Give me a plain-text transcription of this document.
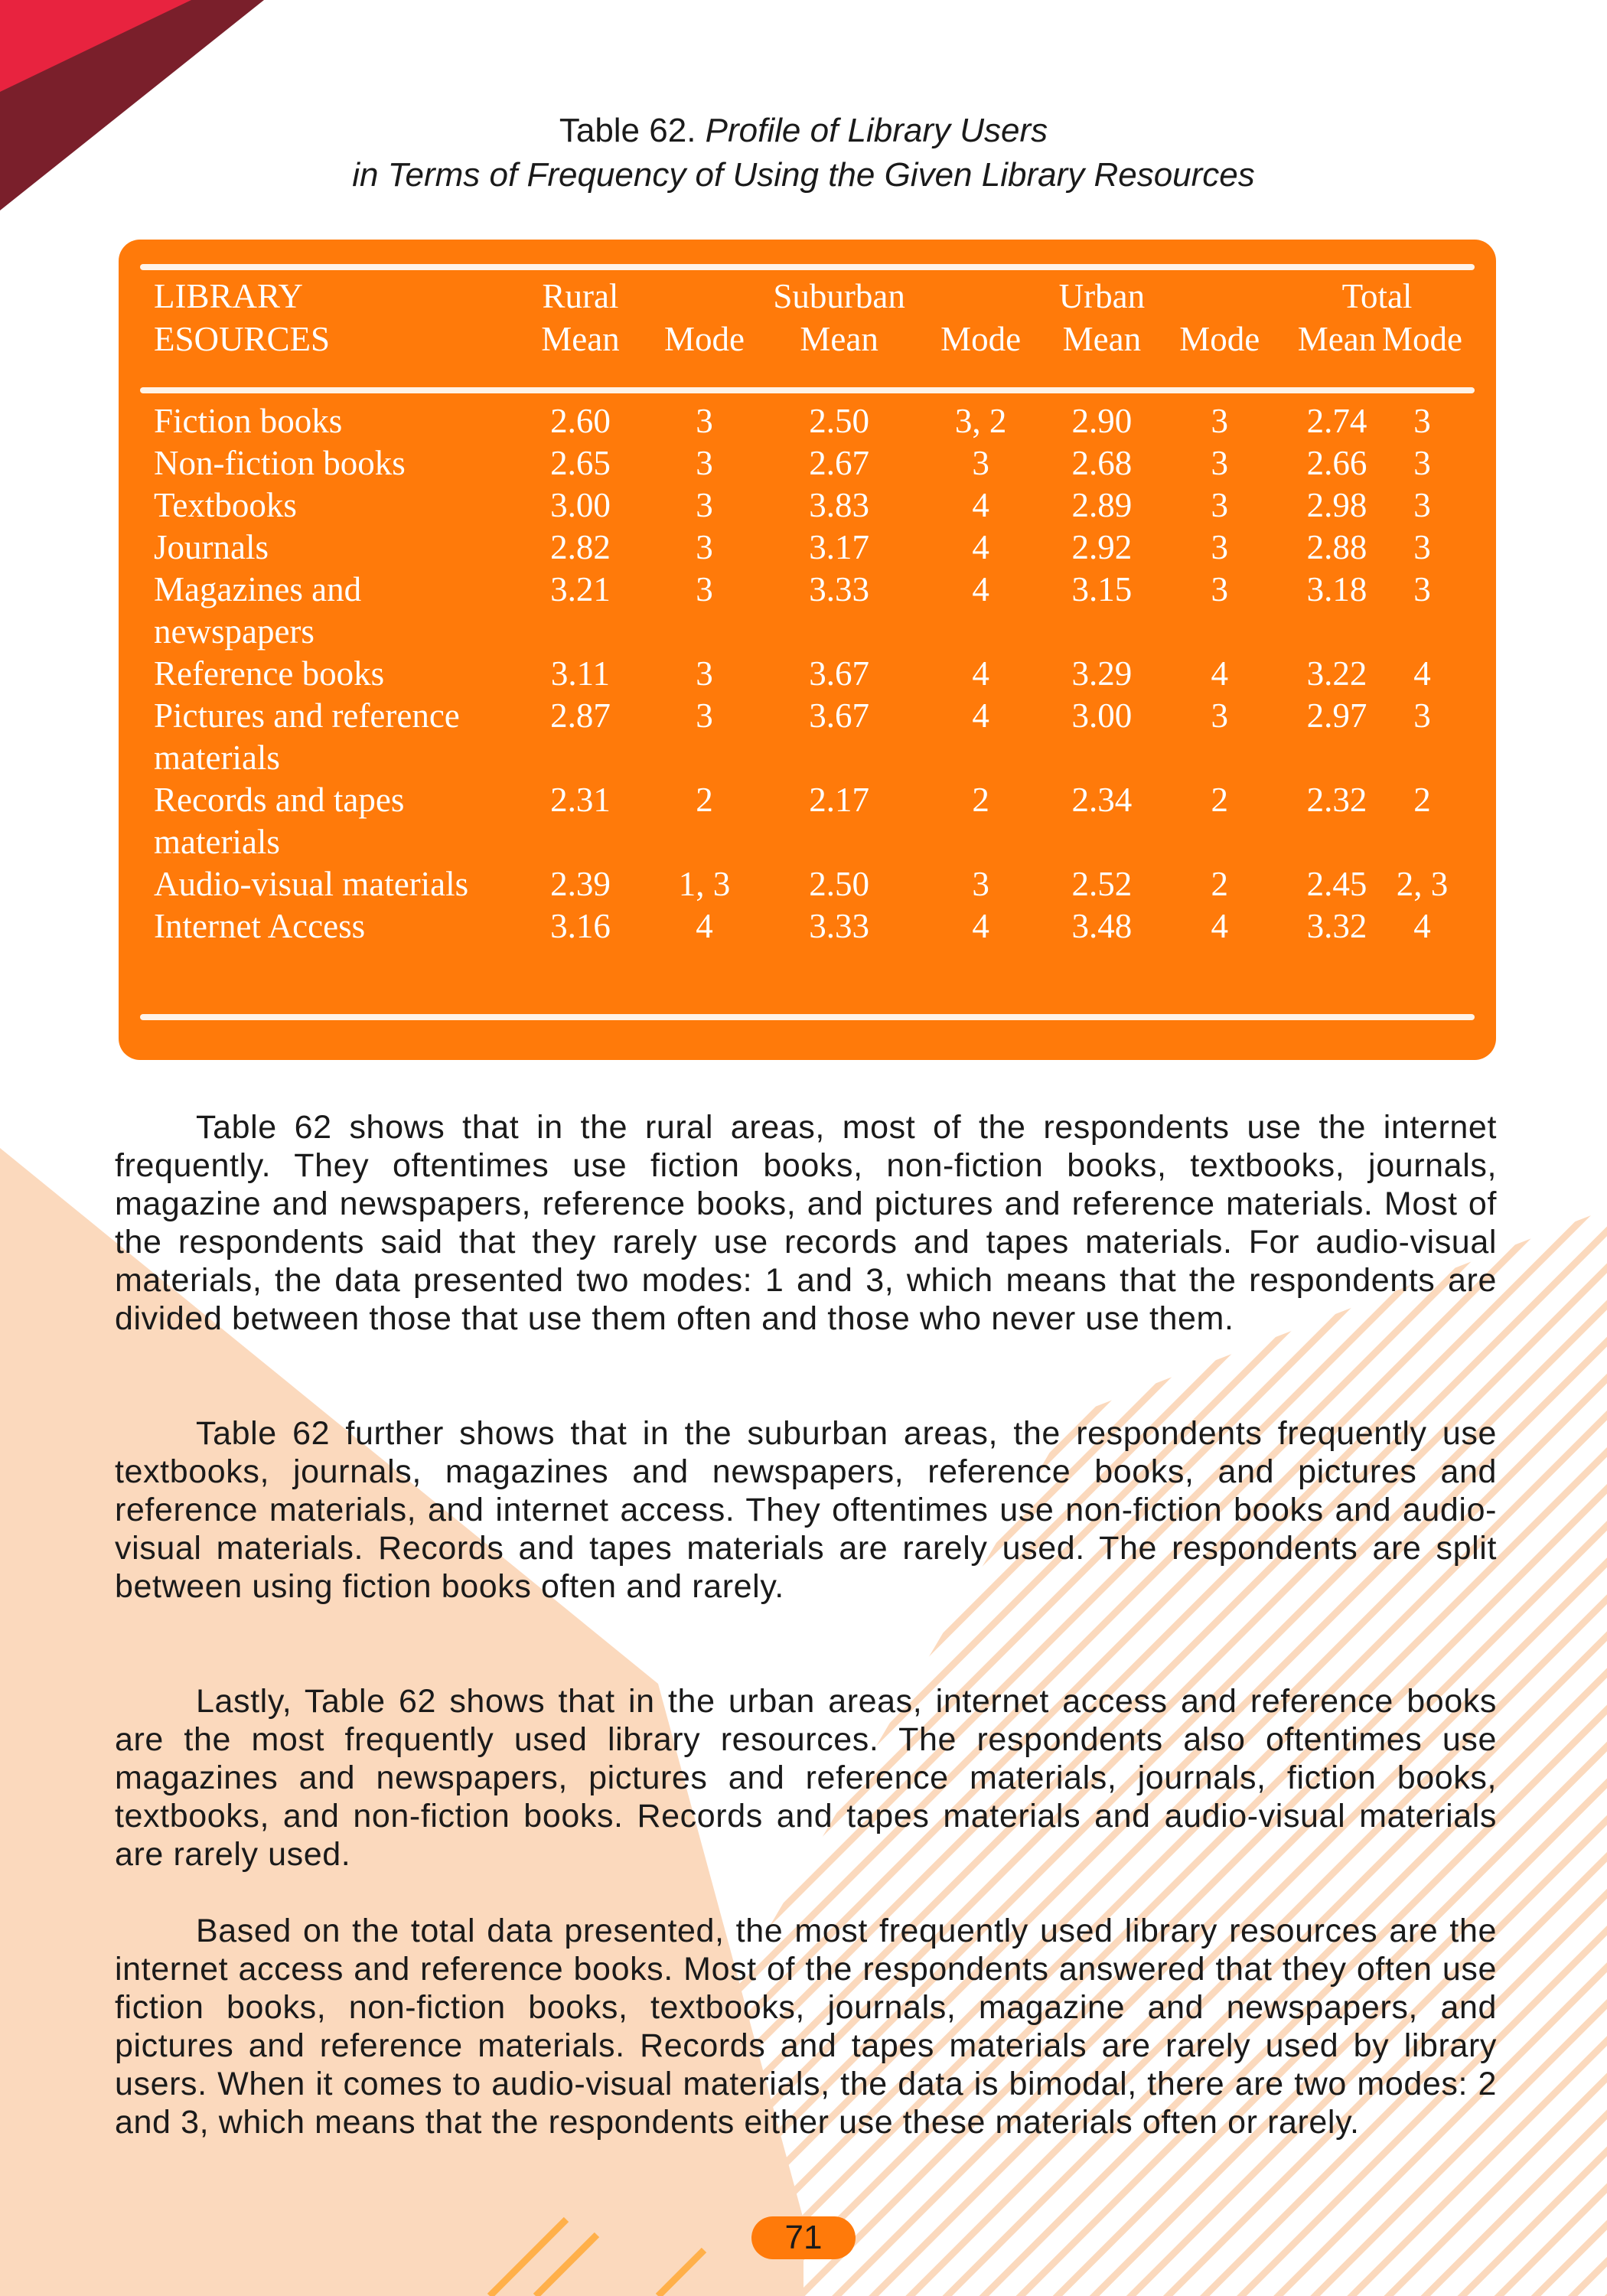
Table 62. Profile of Library Users
in Terms of Frequency of Using the Given Library Resources
LIBRARY	Rural		Suburban		Urban		Total	
ESOURCES	Mean	Mode	Mean	Mode	Mean	Mode	Mean	Mode
Fiction books	2.60	3	2.50	3, 2	2.90	3	2.74	3
Non-fiction books	2.65	3	2.67	3	2.68	3	2.66	3
Textbooks	3.00	3	3.83	4	2.89	3	2.98	3
Journals	2.82	3	3.17	4	2.92	3	2.88	3
Magazines and newspapers	3.21	3	3.33	4	3.15	3	3.18	3
Reference books	3.11	3	3.67	4	3.29	4	3.22	4
Pictures and reference materials	2.87	3	3.67	4	3.00	3	2.97	3
Records and tapes materials	2.31	2	2.17	2	2.34	2	2.32	2
Audio-visual materials	2.39	1, 3	2.50	3	2.52	2	2.45	2, 3
Internet Access	3.16	4	3.33	4	3.48	4	3.32	4
Table 62 shows that in the rural areas, most of the respondents use the internet frequently. They oftentimes use fiction books, non-fiction books, textbooks, journals, magazine and newspapers, reference books, and pictures and reference materials. Most of the respondents said that they rarely use records and tapes materials. For audio-visual materials, the data presented two modes: 1 and 3, which means that the respondents are divided between those that use them often and those who never use them.
Table 62 further shows that in the suburban areas, the respondents frequently use textbooks, journals, magazines and newspapers, reference books, and pictures and reference materials, and internet access. They oftentimes use non-fiction books and audio-visual materials. Records and tapes materials are rarely used. The respondents are split between using fiction books often and rarely.
Lastly, Table 62 shows that in the urban areas, internet access and reference books are the most frequently used library resources. The respondents also oftentimes use magazines and newspapers, pictures and reference materials, journals, fiction books, textbooks, and non-fiction books. Records and tapes materials and audio-visual materials are rarely used.
Based on the total data presented, the most frequently used library resources are the internet access and reference books. Most of the respondents answered that they often use fiction books, non-fiction books, textbooks, journals, magazine and newspapers, and pictures and reference materials. Records and tapes materials are rarely used by library users. When it comes to audio-visual materials, the data is bimodal, there are two modes: 2 and 3, which means that the respondents either use these materials often or rarely.
71
